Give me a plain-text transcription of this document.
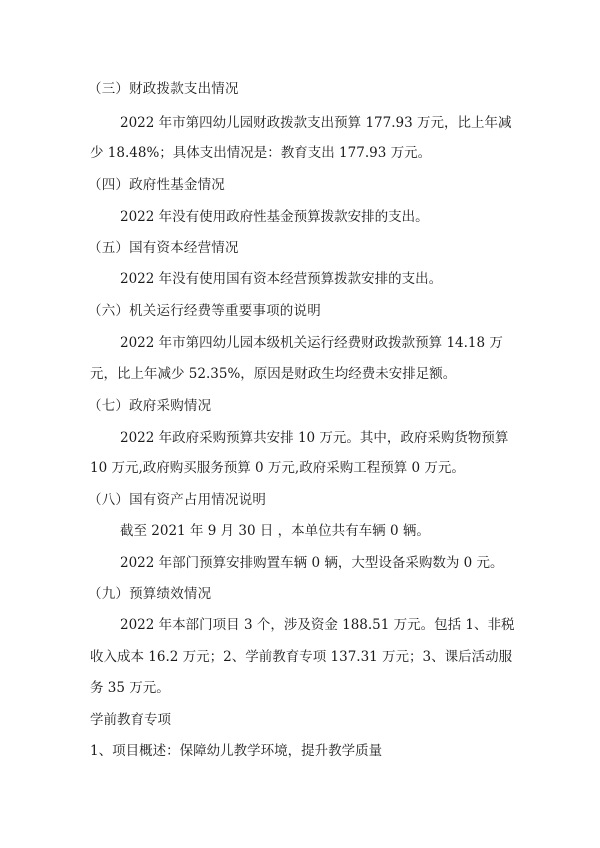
（三）财政拨款支出情况

2022 年市第四幼儿园财政拨款支出预算 177.93 万元，比上年减

少 18.48%；具体支出情况是：教育支出 177.93 万元。

（四）政府性基金情况

2022 年没有使用政府性基金预算拨款安排的支出。

（五）国有资本经营情况

2022 年没有使用国有资本经营预算拨款安排的支出。

（六）机关运行经费等重要事项的说明

2022 年市第四幼儿园本级机关运行经费财政拨款预算 14.18 万

元，比上年减少 52.35%，原因是财政生均经费未安排足额。

（七）政府采购情况

2022 年政府采购预算共安排 10 万元。其中，政府采购货物预算

10 万元,政府购买服务预算 0 万元,政府采购工程预算 0 万元。

（八）国有资产占用情况说明

截至 2021 年 9 月 30 日 ，本单位共有车辆 0 辆。

2022 年部门预算安排购置车辆 0 辆，大型设备采购数为 0 元。

（九）预算绩效情况

2022 年本部门项目 3 个，涉及资金 188.51 万元。包括 1、非税

收入成本 16.2 万元；2、学前教育专项 137.31 万元；3、课后活动服

务 35 万元。

学前教育专项

1、项目概述：保障幼儿教学环境，提升教学质量
